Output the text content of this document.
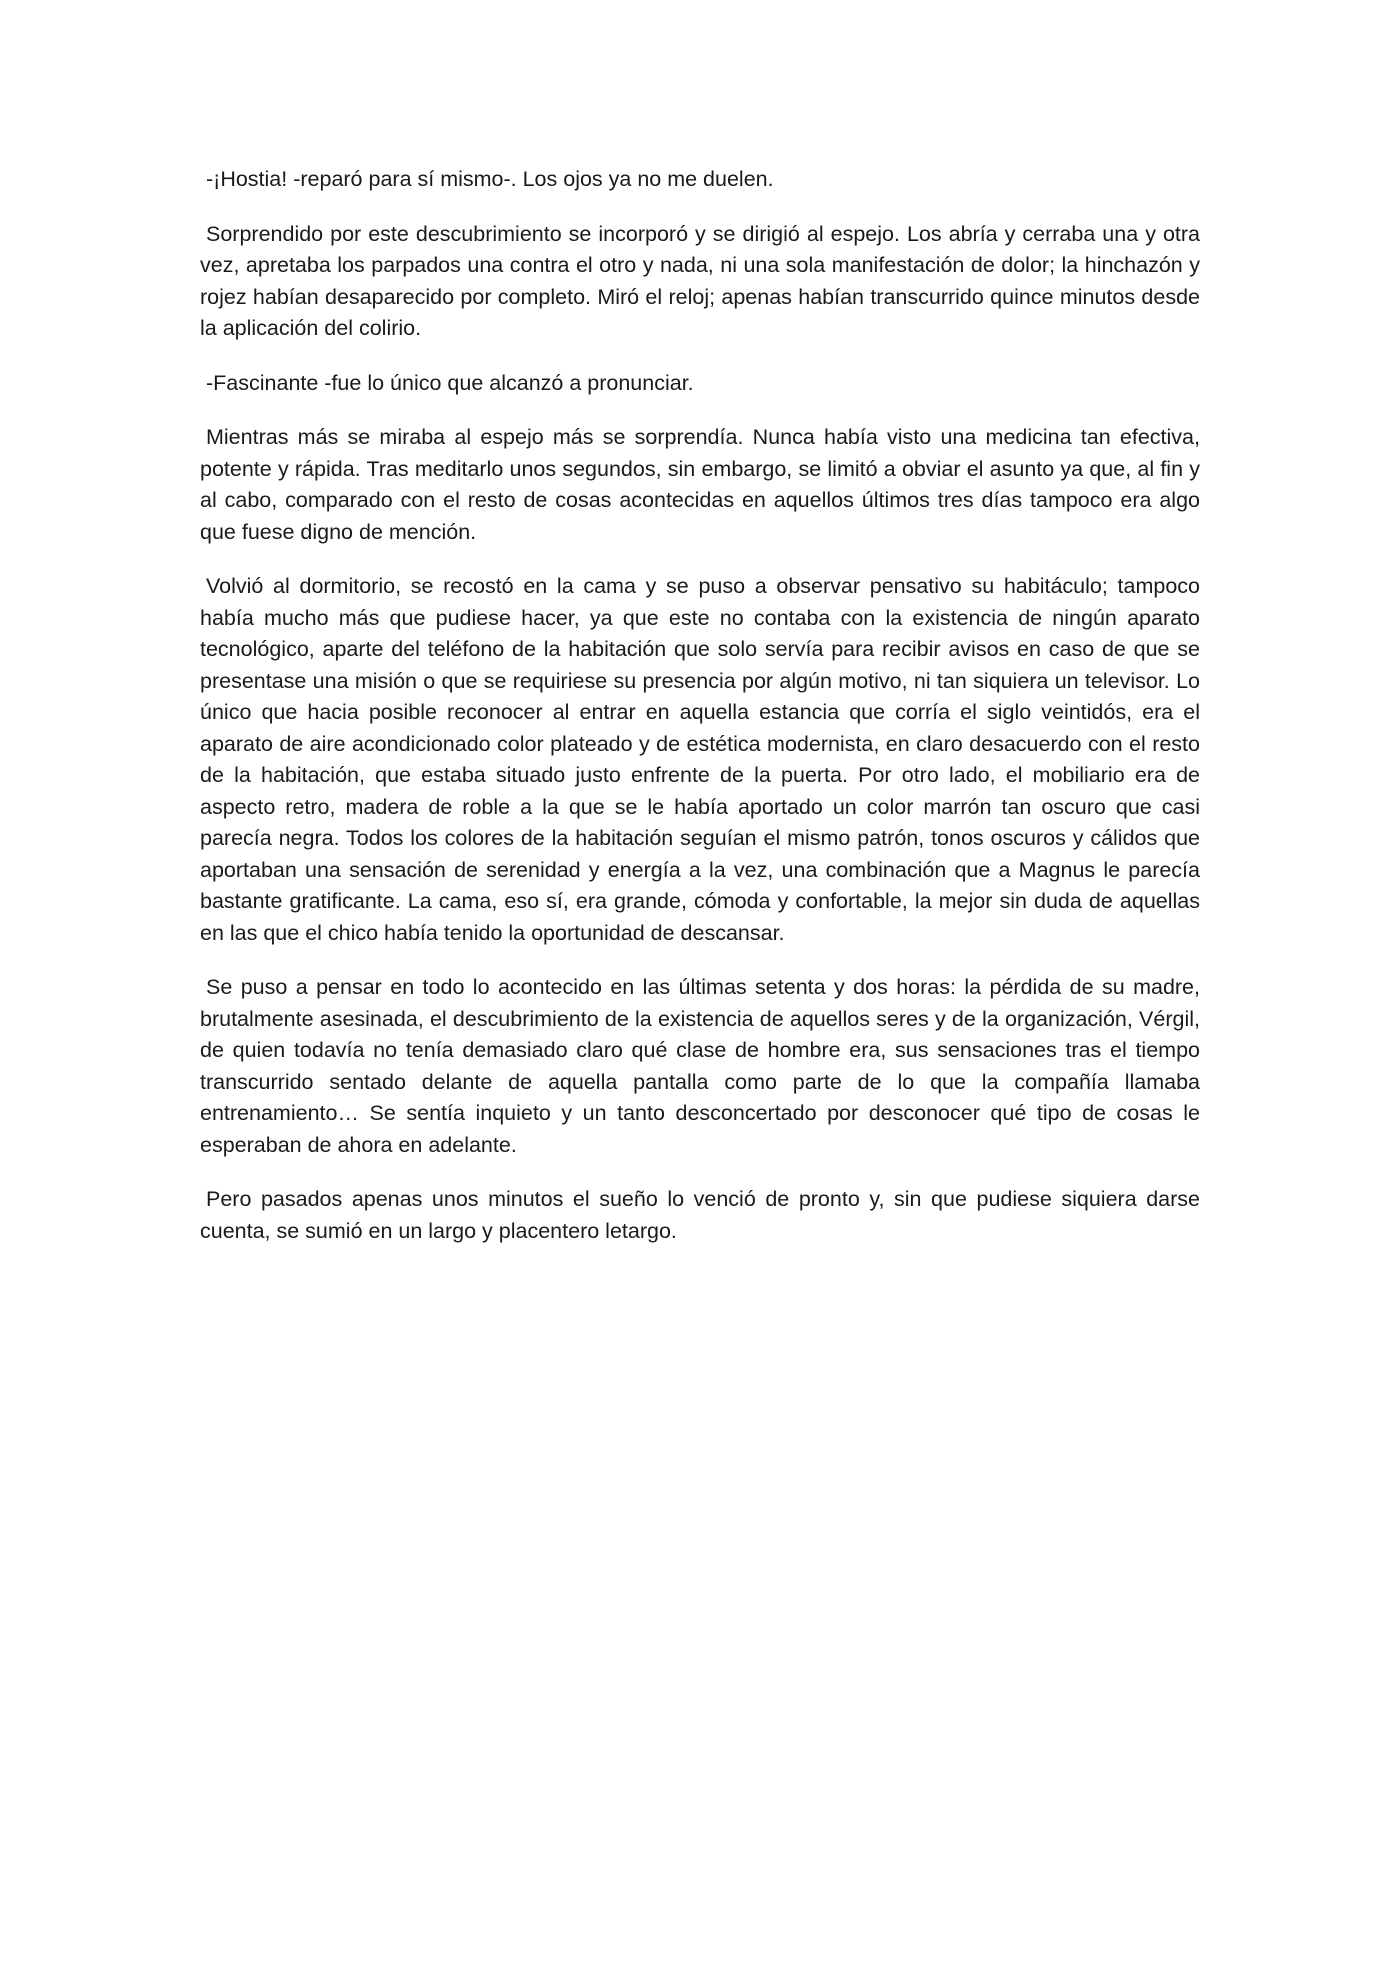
-¡Hostia! -reparó para sí mismo-. Los ojos ya no me duelen.

Sorprendido por este descubrimiento se incorporó y se dirigió al espejo. Los abría y cerraba una y otra vez, apretaba los parpados una contra el otro y nada, ni una sola manifestación de dolor; la hinchazón y rojez habían desaparecido por completo. Miró el reloj; apenas habían transcurrido quince minutos desde la aplicación del colirio.

-Fascinante -fue lo único que alcanzó a pronunciar.

Mientras más se miraba al espejo más se sorprendía. Nunca había visto una medicina tan efectiva, potente y rápida. Tras meditarlo unos segundos, sin embargo, se limitó a obviar el asunto ya que, al fin y al cabo, comparado con el resto de cosas acontecidas en aquellos últimos tres días tampoco era algo que fuese digno de mención.

Volvió al dormitorio, se recostó en la cama y se puso a observar pensativo su habitáculo; tampoco había mucho más que pudiese hacer, ya que este no contaba con la existencia de ningún aparato tecnológico, aparte del teléfono de la habitación que solo servía para recibir avisos en caso de que se presentase una misión o que se requiriese su presencia por algún motivo, ni tan siquiera un televisor. Lo único que hacia posible reconocer al entrar en aquella estancia que corría el siglo veintidós, era el aparato de aire acondicionado color plateado y de estética modernista, en claro desacuerdo con el resto de la habitación, que estaba situado justo enfrente de la puerta. Por otro lado, el mobiliario era de aspecto retro, madera de roble a la que se le había aportado un color marrón tan oscuro que casi parecía negra. Todos los colores de la habitación seguían el mismo patrón, tonos oscuros y cálidos que aportaban una sensación de serenidad y energía a la vez, una combinación que a Magnus le parecía bastante gratificante. La cama, eso sí, era grande, cómoda y confortable, la mejor sin duda de aquellas en las que el chico había tenido la oportunidad de descansar.

Se puso a pensar en todo lo acontecido en las últimas setenta y dos horas: la pérdida de su madre, brutalmente asesinada, el descubrimiento de la existencia de aquellos seres y de la organización, Vérgil, de quien todavía no tenía demasiado claro qué clase de hombre era, sus sensaciones tras el tiempo transcurrido sentado delante de aquella pantalla como parte de lo que la compañía llamaba entrenamiento… Se sentía inquieto y un tanto desconcertado por desconocer qué tipo de cosas le esperaban de ahora en adelante.

Pero pasados apenas unos minutos el sueño lo venció de pronto y, sin que pudiese siquiera darse cuenta, se sumió en un largo y placentero letargo.
